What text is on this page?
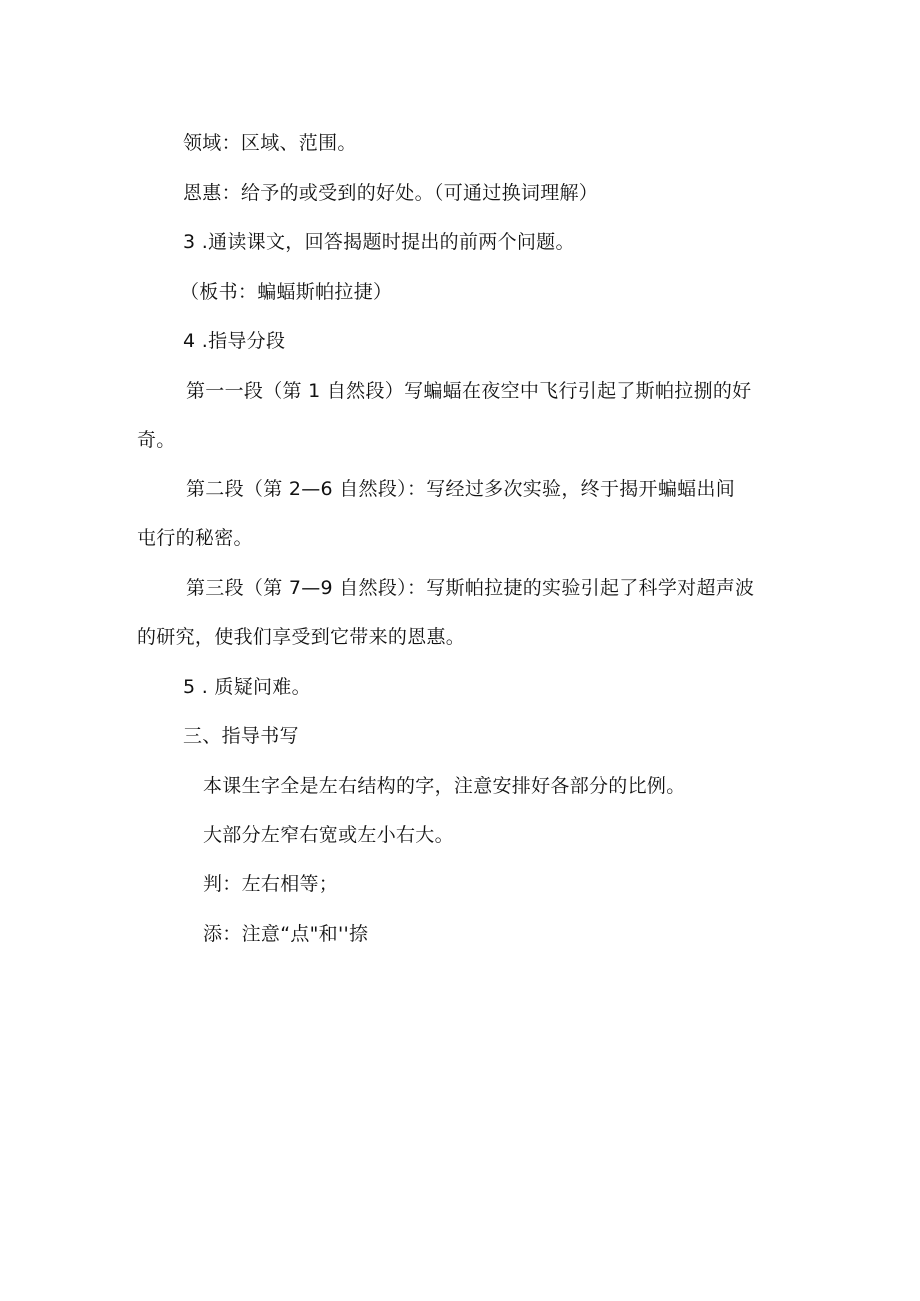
领域：区域、范围。
恩惠：给予的或受到的好处。（可通过换词理解）
3 .通读课文，回答揭题时提出的前两个问题。
（板书：蝙蝠斯帕拉捷）
4 .指导分段
第一一段（第 1 自然段）写蝙蝠在夜空中飞行引起了斯帕拉捌的好
奇。
第二段（第 2—6 自然段）：写经过多次实验，终于揭开蝙蝠出间
屯行的秘密。
第三段（第 7—9 自然段）：写斯帕拉捷的实验引起了科学对超声波
的研究，使我们享受到它带来的恩惠。
5 . 质疑问难。
三、指导书写
本课生字全是左右结构的字，注意安排好各部分的比例。
大部分左窄右宽或左小右大。
判：左右相等；
添：注意“点"和''捺
